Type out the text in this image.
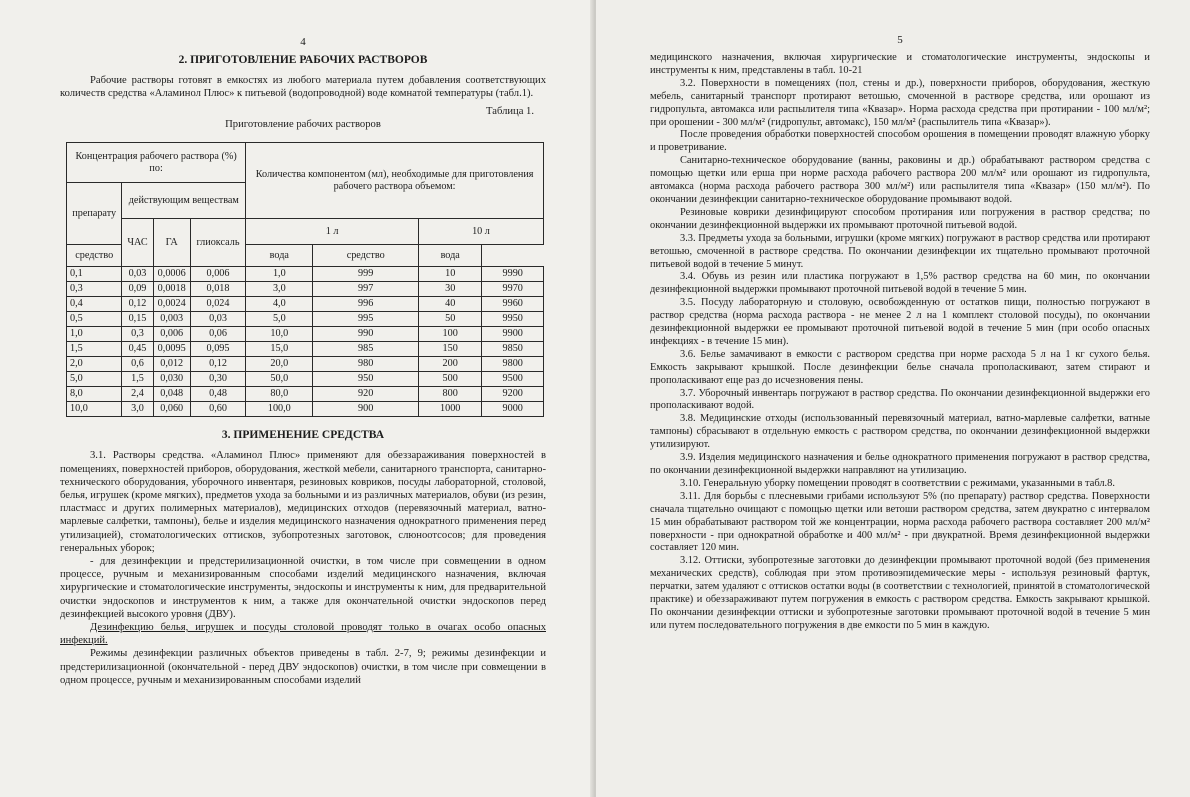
4
2. ПРИГОТОВЛЕНИЕ РАБОЧИХ РАСТВОРОВ

Рабочие растворы готовят в емкостях из любого материала путем добавления соответствующих количеств средства «Аламинол Плюс» к питьевой (водопроводной) воде комнатой температуры (табл.1).

Таблица 1.
Приготовление рабочих растворов
Концентрация рабочего раствора (%) по:				Количества компонентом (мл), необходимые для приготовления рабочего раствора объемом:			
препарату	действующим веществам						

	ЧАС	ГА	глиоксаль	1 л		10 л	
средство				вода	средство	вода	
0,1	0,03	0,0006	0,006	1,0	999	10	9990
0,3	0,09	0,0018	0,018	3,0	997	30	9970
0,4	0,12	0,0024	0,024	4,0	996	40	9960
0,5	0,15	0,003	0,03	5,0	995	50	9950
1,0	0,3	0,006	0,06	10,0	990	100	9900
1,5	0,45	0,0095	0,095	15,0	985	150	9850
2,0	0,6	0,012	0,12	20,0	980	200	9800
5,0	1,5	0,030	0,30	50,0	950	500	9500
8,0	2,4	0,048	0,48	80,0	920	800	9200
10,0	3,0	0,060	0,60	100,0	900	1000	9000
3. ПРИМЕНЕНИЕ СРЕДСТВА

3.1. Растворы средства. «Аламинол Плюс» применяют для обеззараживания поверхностей в помещениях, поверхностей приборов, оборудования, жесткой мебели, санитарного транспорта, санитарно-технического оборудования, уборочного инвентаря, резиновых ковриков, посуды лабораторной, столовой, белья, игрушек (кроме мягких), предметов ухода за больными и из различных материалов, обуви (из резин, пластмасс и других полимерных материалов), медицинских отходов (перевязочный материал, ватно-марлевые салфетки, тампоны), белье и изделия медицинского назначения однократного применения перед утилизацией), стоматологических оттисков, зубопротезных заготовок, слюноотсосов; для проведения генеральных уборок;

- для дезинфекции и предстерилизационной очистки, в том числе при совмещении в одном процессе, ручным и механизированным способами изделий медицинского назначения, включая хирургические и стоматологические инструменты, эндоскопы и инструменты к ним, для предварительной очистки эндоскопов и инструментов к ним, а также для окончательной очистки эндоскопов перед дезинфекцией высокого уровня (ДВУ).

Дезинфекцию белья, игрушек и посуды столовой проводят только в очагах особо опасных инфекций.

Режимы дезинфекции различных объектов приведены в табл. 2-7, 9; режимы дезинфекции и предстерилизационной (окончательной - перед ДВУ эндоскопов) очистки, в том числе при совмещении в одном процессе, ручным и механизированным способами изделий

5

медицинского назначения, включая хирургические и стоматологические инструменты, эндоскопы и инструменты к ним, представлены в табл. 10-21

3.2. Поверхности в помещениях (пол, стены и др.), поверхности приборов, оборудования, жесткую мебель, санитарный транспорт протирают ветошью, смоченной в растворе средства, или орошают из гидропульта, автомакса или распылителя типа «Квазар». Норма расхода средства при протирании - 100 мл/м²; при орошении - 300 мл/м² (гидропульт, автомакс), 150 мл/м² (распылитель типа «Квазар»).

После проведения обработки поверхностей способом орошения в помещении проводят влажную уборку и проветривание.

Санитарно-техническое оборудование (ванны, раковины и др.) обрабатывают раствором средства с помощью щетки или ерша при норме расхода рабочего раствора 200 мл/м² или орошают из гидропульта, автомакса (норма расхода рабочего раствора 300 мл/м²) или распылителя типа «Квазар» (150 мл/м²). По окончании дезинфекции санитарно-техническое оборудование промывают водой.

Резиновые коврики дезинфицируют способом протирания или погружения в раствор средства; по окончании дезинфекционной выдержки их промывают проточной питьевой водой.

3.3. Предметы ухода за больными, игрушки (кроме мягких) погружают в раствор средства или протирают ветошью, смоченной в растворе средства. По окончании дезинфекции их тщательно промывают проточной питьевой водой в течение 5 минут.

3.4. Обувь из резин или пластика погружают в 1,5% раствор средства на 60 мин, по окончании дезинфекционной выдержки промывают проточной питьевой водой в течение 5 мин.

3.5. Посуду лабораторную и столовую, освобожденную от остатков пищи, полностью погружают в раствор средства (норма расхода раствора - не менее 2 л на 1 комплект столовой посуды), по окончании дезинфекционной выдержки ее промывают проточной питьевой водой в течение 5 мин (при особо опасных инфекциях - в течение 15 мин).

3.6. Белье замачивают в емкости с раствором средства при норме расхода 5 л на 1 кг сухого белья. Емкость закрывают крышкой. После дезинфекции белье сначала прополаскивают, затем стирают и прополаскивают еще раз до исчезновения пены.

3.7. Уборочный инвентарь погружают в раствор средства. По окончании дезинфекционной выдержки его прополаскивают водой.

3.8. Медицинские отходы (использованный перевязочный материал, ватно-марлевые салфетки, ватные тампоны) сбрасывают в отдельную емкость с раствором средства, по окончании дезинфекционной выдержки утилизируют.

3.9. Изделия медицинского назначения и белье однократного применения погружают в раствор средства, по окончании дезинфекционной выдержки направляют на утилизацию.

3.10. Генеральную уборку помещении проводят в соответствии с режимами, указанными в табл.8.

3.11. Для борьбы с плесневыми грибами используют 5% (по препарату) раствор средства. Поверхности сначала тщательно очищают с помощью щетки или ветоши раствором средства, затем двукратно с интервалом 15 мин обрабатывают раствором той же концентрации, норма расхода рабочего раствора составляет 200 мл/м² поверхности - при однократной обработке и 400 мл/м² - при двукратной. Время дезинфекционной выдержки составляет 120 мин.

3.12. Оттиски, зубопротезные заготовки до дезинфекции промывают проточной водой (без применения механических средств), соблюдая при этом противоэпидемические меры - используя резиновый фартук, перчатки, затем удаляют с оттисков остатки воды (в соответствии с технологией, принятой в стоматологической практике) и обеззараживают путем погружения в емкость с раствором средства. Емкость закрывают крышкой. По окончании дезинфекции оттиски и зубопротезные заготовки промывают проточной водой в течение 5 мин или путем последовательного погружения в две емкости по 5 мин в каждую.
